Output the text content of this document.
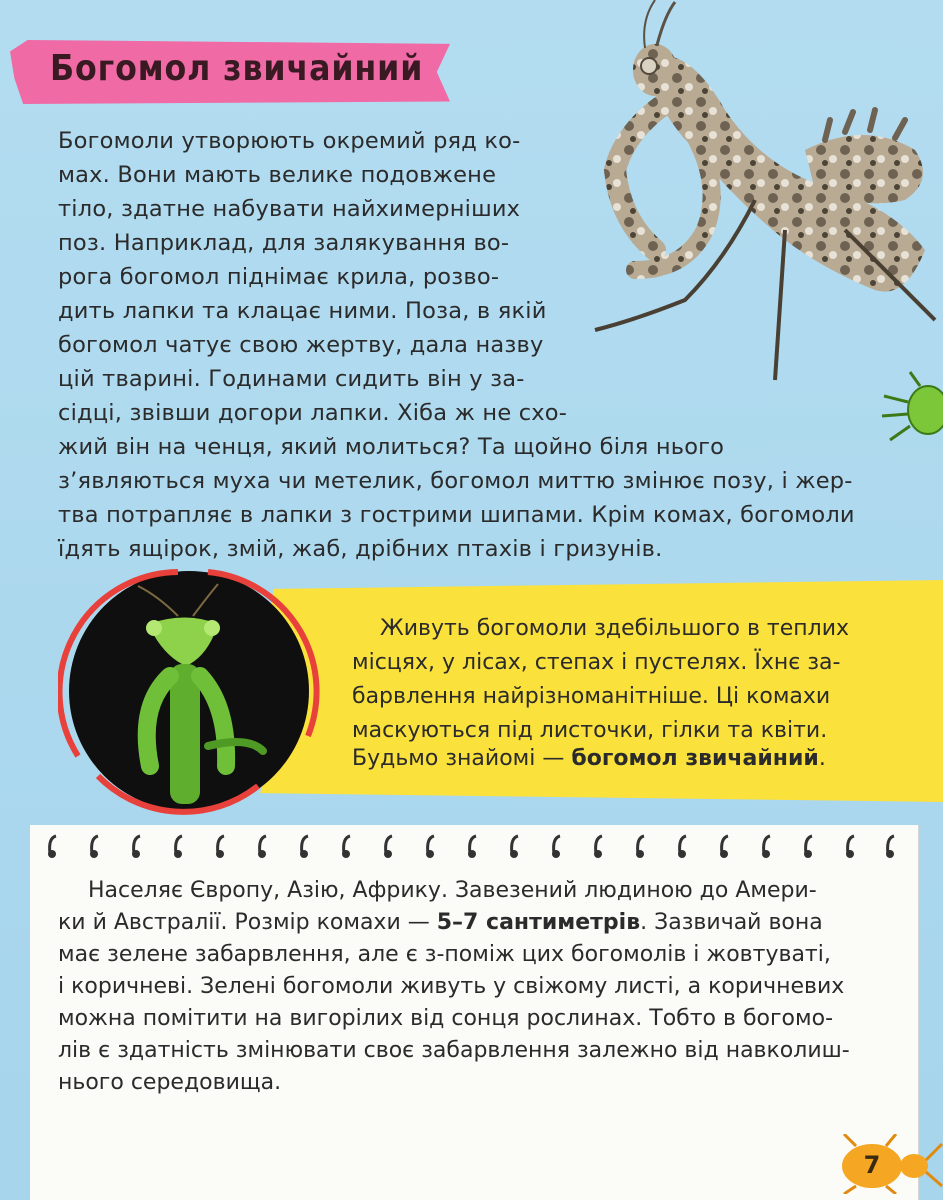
Богомол звичайний
Богомоли утворюють окремий ряд ко-
мах. Вони мають велике подовжене
тіло, здатне набувати найхимерніших
поз. Наприклад, для залякування во-
рога богомол піднімає крила, розво-
дить лапки та клацає ними. Поза, в якій
богомол чатує свою жертву, дала назву
цій тварині. Годинами сидить він у за-
сідці, звівши догори лапки. Хіба ж не схо-
жий він на ченця, який молиться? Та щойно біля нього
з’являються муха чи метелик, богомол миттю змінює позу, і жер-
тва потрапляє в лапки з гострими шипами. Крім комах, богомоли
їдять ящірок, змій, жаб, дрібних птахів і гризунів.
Живуть богомоли здебільшого в теплих
місцях, у лісах, степах і пустелях. Їхнє за-
барвлення найрізноманітніше. Ці комахи
маскуються під листочки, гілки та квіти.
Будьмо знайомі — богомол звичайний.
Населяє Європу, Азію, Африку. Завезений людиною до Амери-
ки й Австралії. Розмір комахи — 5–7 сантиметрів. Зазвичай вона
має зелене забарвлення, але є з-поміж цих богомолів і жовтуваті,
і коричневі. Зелені богомоли живуть у свіжому листі, а коричневих
можна помітити на вигорілих від сонця рослинах. Тобто в богомо-
лів є здатність змінювати своє забарвлення залежно від навколиш-
нього середовища.
7
